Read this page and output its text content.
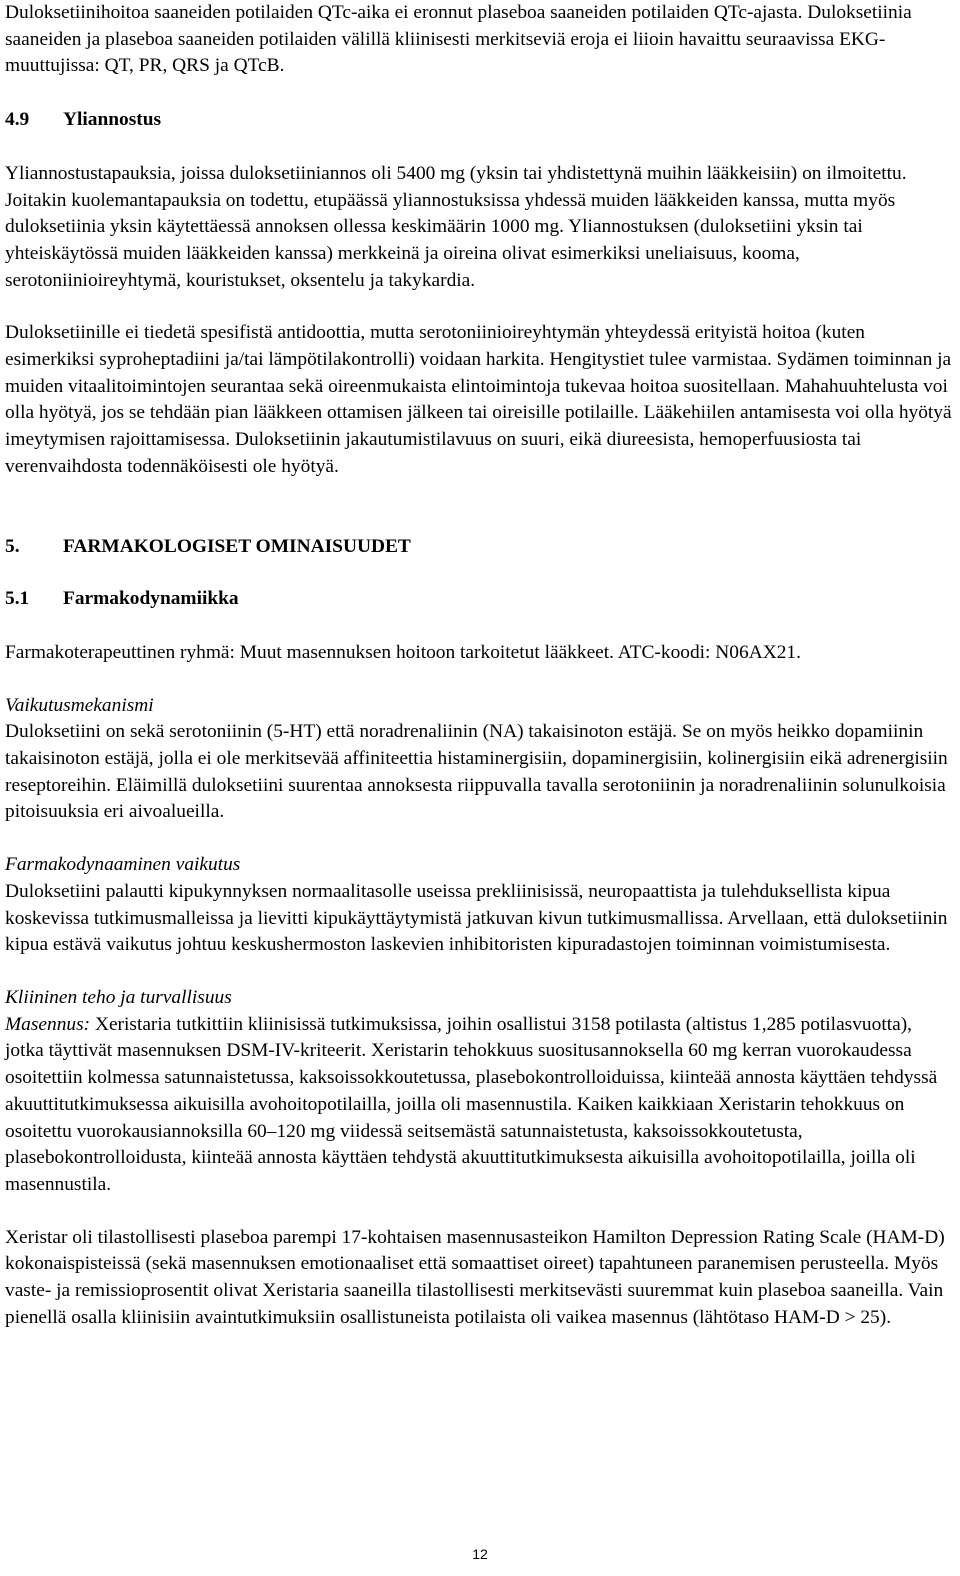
Duloksetiinihoitoa saaneiden potilaiden QTc-aika ei eronnut plaseboa saaneiden potilaiden QTc-ajasta. Duloksetiinia saaneiden ja plaseboa saaneiden potilaiden välillä kliinisesti merkitseviä eroja ei liioin havaittu seuraavissa EKG-muuttujissa: QT, PR, QRS ja QTcB.

4.9	Yliannostus

Yliannostustapauksia, joissa duloksetiiniannos oli 5400 mg (yksin tai yhdistettynä muihin lääkkeisiin) on ilmoitettu. Joitakin kuolemantapauksia on todettu, etupäässä yliannostuksissa yhdessä muiden lääkkeiden kanssa, mutta myös duloksetiinia yksin käytettäessä annoksen ollessa keskimäärin 1000 mg. Yliannostuksen (duloksetiini yksin tai yhteiskäytössä muiden lääkkeiden kanssa) merkkeinä ja oireina olivat esimerkiksi uneliaisuus, kooma, serotoniinioireyhtymä, kouristukset, oksentelu ja takykardia.

Duloksetiinille ei tiedetä spesifistä antidoottia, mutta serotoniinioireyhtymän yhteydessä erityistä hoitoa (kuten esimerkiksi syproheptadiini ja/tai lämpötilakontrolli) voidaan harkita. Hengitystiet tulee varmistaa. Sydämen toiminnan ja muiden vitaalitoimintojen seurantaa sekä oireenmukaista elintoimintoja tukevaa hoitoa suositellaan. Mahahuuhtelusta voi olla hyötyä, jos se tehdään pian lääkkeen ottamisen jälkeen tai oireisille potilaille. Lääkehiilen antamisesta voi olla hyötyä imeytymisen rajoittamisessa. Duloksetiinin jakautumistilavuus on suuri, eikä diureesista, hemoperfuusiosta tai verenvaihdosta todennäköisesti ole hyötyä.

5.	FARMAKOLOGISET OMINAISUUDET
5.1	Farmakodynamiikka

Farmakoterapeuttinen ryhmä: Muut masennuksen hoitoon tarkoitetut lääkkeet. ATC-koodi: N06AX21.

Vaikutusmekanismi

Duloksetiini on sekä serotoniinin (5-HT) että noradrenaliinin (NA) takaisinoton estäjä. Se on myös heikko dopamiinin takaisinoton estäjä, jolla ei ole merkitsevää affiniteettia histaminergisiin, dopaminergisiin, kolinergisiin eikä adrenergisiin reseptoreihin. Eläimillä duloksetiini suurentaa annoksesta riippuvalla tavalla serotoniinin ja noradrenaliinin solunulkoisia pitoisuuksia eri aivoalueilla.

Farmakodynaaminen vaikutus

Duloksetiini palautti kipukynnyksen normaalitasolle useissa prekliinisissä, neuropaattista ja tulehduksellista kipua koskevissa tutkimusmalleissa ja lievitti kipukäyttäytymistä jatkuvan kivun tutkimusmallissa. Arvellaan, että duloksetiinin kipua estävä vaikutus johtuu keskushermoston laskevien inhibitoristen kipuradastojen toiminnan voimistumisesta.

Kliininen teho ja turvallisuus

Masennus: Xeristaria tutkittiin kliinisissä tutkimuksissa, joihin osallistui 3158 potilasta (altistus 1,285 potilasvuotta), jotka täyttivät masennuksen DSM-IV-kriteerit. Xeristarin tehokkuus suositusannoksella 60 mg kerran vuorokaudessa osoitettiin kolmessa satunnaistetussa, kaksoissokkoutetussa, plasebokontrolloiduissa, kiinteää annosta käyttäen tehdyssä akuuttitutkimuksessa aikuisilla avohoitopotilailla, joilla oli masennustila. Kaiken kaikkiaan Xeristarin tehokkuus on osoitettu vuorokausiannoksilla 60–120 mg viidessä seitsemästä satunnaistetusta, kaksoissokkoutetusta, plasebokontrolloidusta, kiinteää annosta käyttäen tehdystä akuuttitutkimuksesta aikuisilla avohoitopotilailla, joilla oli masennustila.

Xeristar oli tilastollisesti plaseboa parempi 17-kohtaisen masennusasteikon Hamilton Depression Rating Scale (HAM-D) kokonaispisteissä (sekä masennuksen emotionaaliset että somaattiset oireet) tapahtuneen paranemisen perusteella. Myös vaste- ja remissioprosentit olivat Xeristaria saaneilla tilastollisesti merkitsevästi suuremmat kuin plaseboa saaneilla. Vain pienellä osalla kliinisiin avaintutkimuksiin osallistuneista potilaista oli vaikea masennus (lähtötaso HAM-D > 25).

12
